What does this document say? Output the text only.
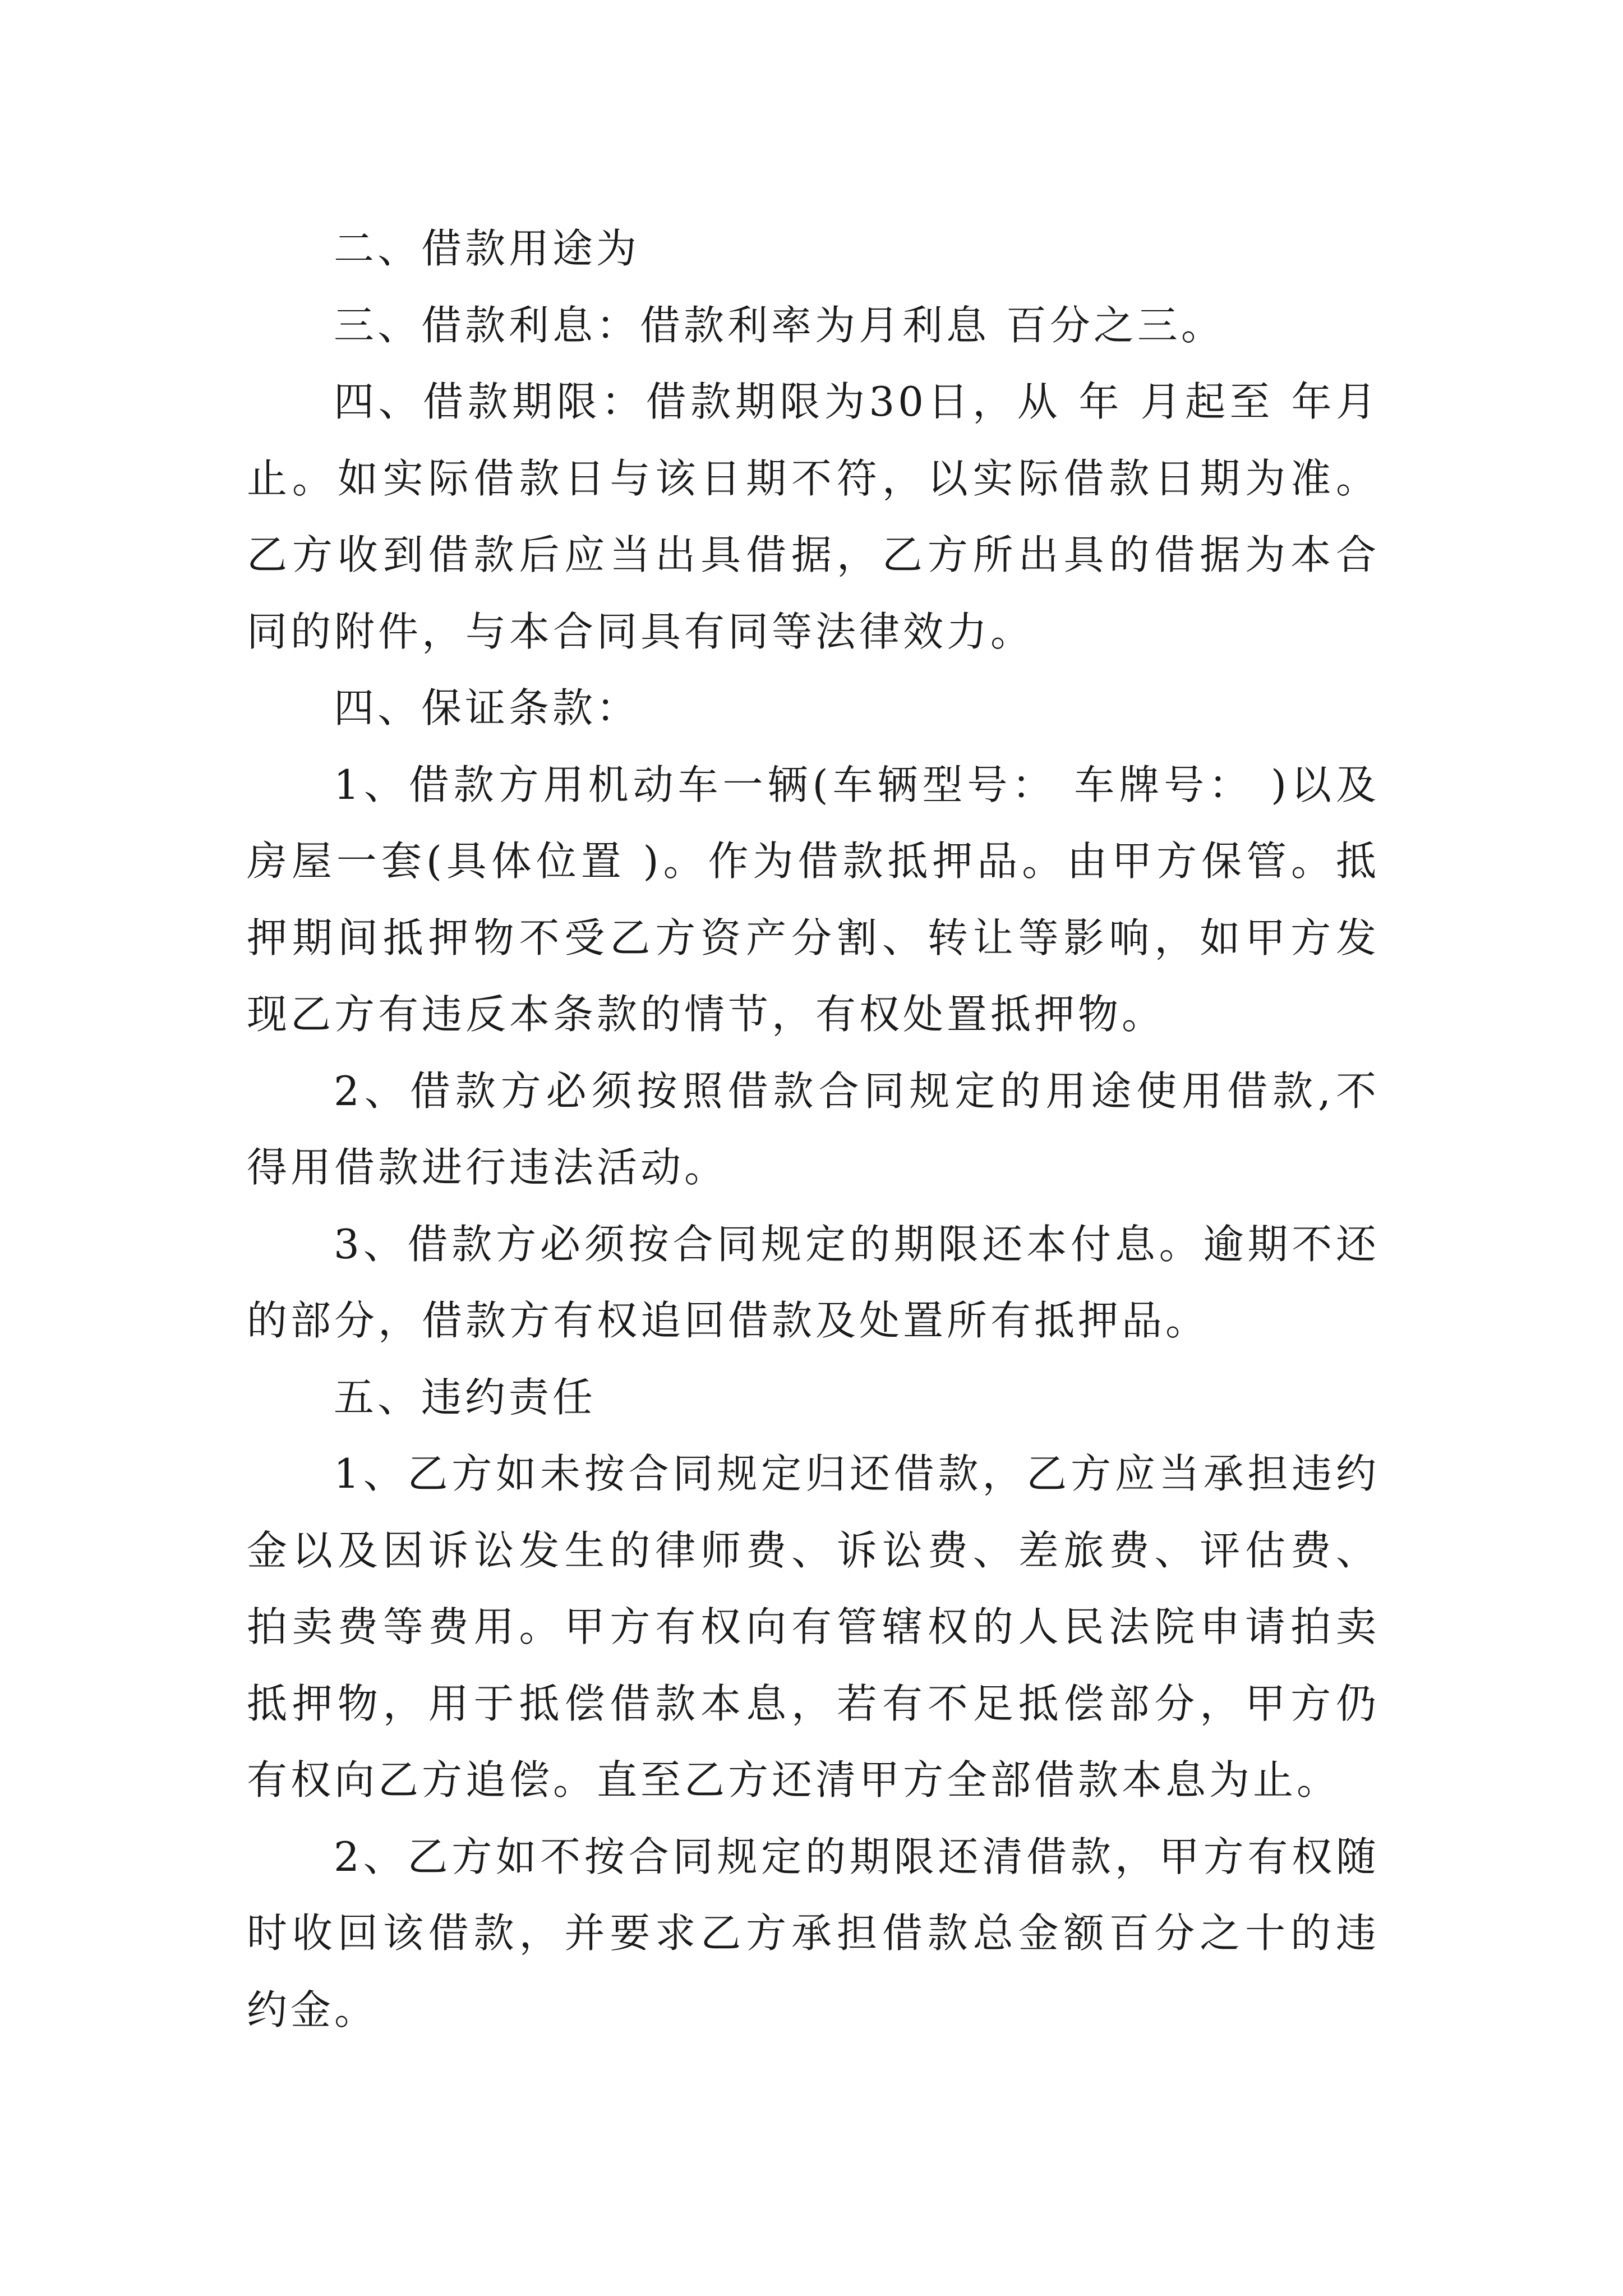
二、借款用途为

三、借款利息：借款利率为月利息 百分之三。

四、借款期限：借款期限为30日，从 年 月起至 年月止。如实际借款日与该日期不符，以实际借款日期为准。乙方收到借款后应当出具借据，乙方所出具的借据为本合同的附件，与本合同具有同等法律效力。

四、保证条款：

1、借款方用机动车一辆(车辆型号： 车牌号： )以及房屋一套(具体位置 )。作为借款抵押品。由甲方保管。抵押期间抵押物不受乙方资产分割、转让等影响，如甲方发现乙方有违反本条款的情节，有权处置抵押物。

2、借款方必须按照借款合同规定的用途使用借款,不得用借款进行违法活动。

3、借款方必须按合同规定的期限还本付息。逾期不还的部分，借款方有权追回借款及处置所有抵押品。

五、违约责任

1、乙方如未按合同规定归还借款，乙方应当承担违约金以及因诉讼发生的律师费、诉讼费、差旅费、评估费、拍卖费等费用。甲方有权向有管辖权的人民法院申请拍卖抵押物，用于抵偿借款本息，若有不足抵偿部分，甲方仍有权向乙方追偿。直至乙方还清甲方全部借款本息为止。

2、乙方如不按合同规定的期限还清借款，甲方有权随时收回该借款，并要求乙方承担借款总金额百分之十的违约金。
